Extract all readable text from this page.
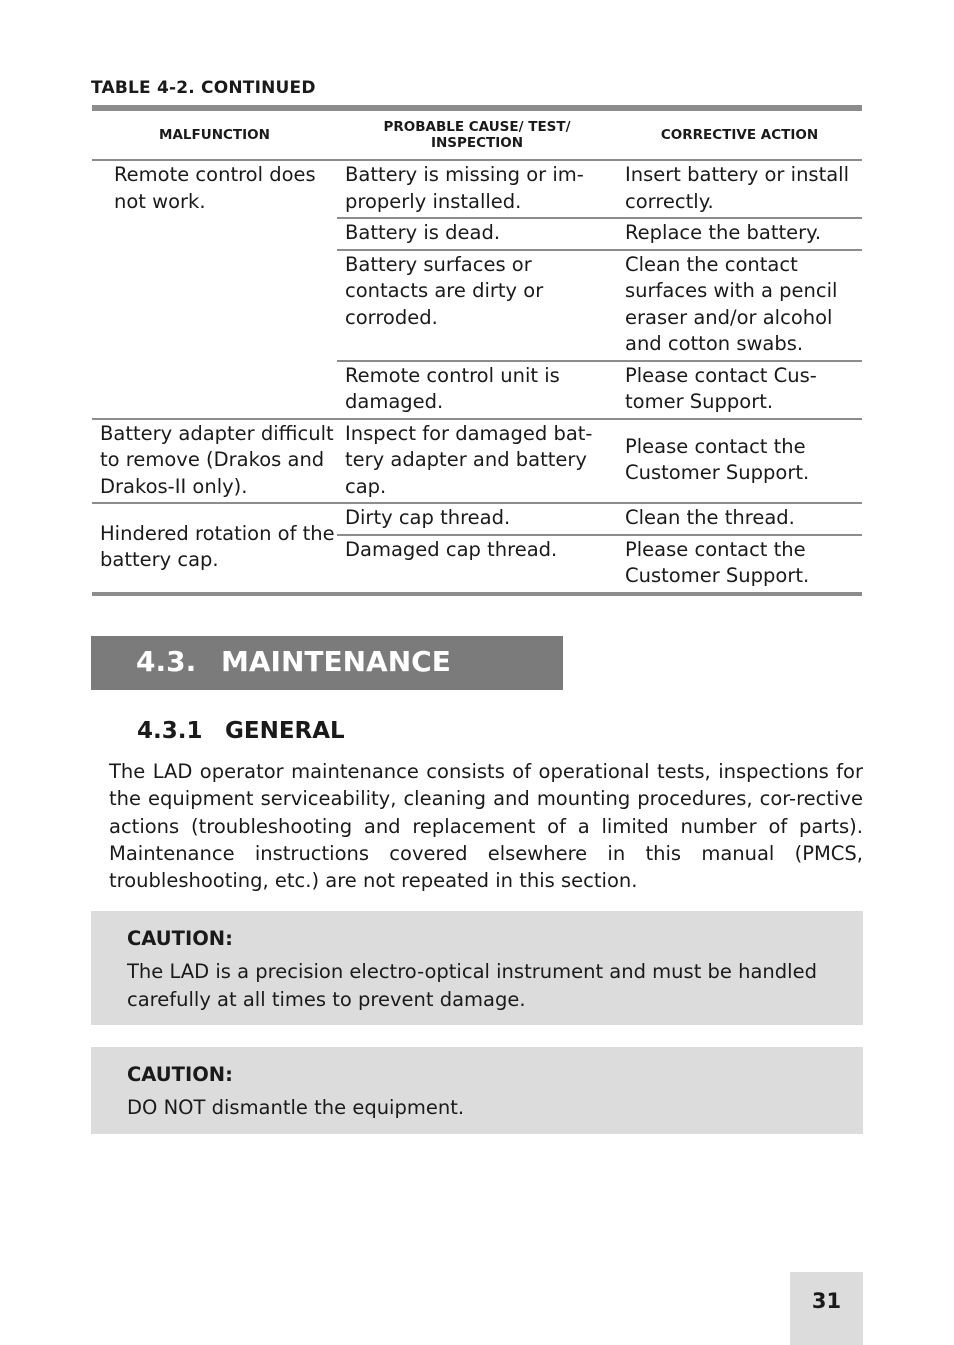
TABLE 4-2. CONTINUED
MALFUNCTION	PROBABLE CAUSE/ TEST/ INSPECTION	CORRECTIVE ACTION
Remote control does not work.	Battery is missing or im-properly installed.	Insert battery or install correctly.
	Battery is dead.	Replace the battery.
	Battery surfaces or contacts are dirty or corroded.	Clean the contact surfaces with a pencil eraser and/or alcohol and cotton swabs.
	Remote control unit is damaged.	Please contact Cus-tomer Support.
Battery adapter difficult to remove (Drakos and Drakos-II only).	Inspect for damaged bat-tery adapter and battery cap.	Please contact the Customer Support.
Hindered rotation of the battery cap.	Dirty cap thread.	Clean the thread.
	Damaged cap thread.	Please contact the Customer Support.
4.3. MAINTENANCE
4.3.1 GENERAL

The LAD operator maintenance consists of operational tests, inspections for the equipment serviceability, cleaning and mounting procedures, cor-rective actions (troubleshooting and replacement of a limited number of parts). Maintenance instructions covered elsewhere in this manual (PMCS, troubleshooting, etc.) are not repeated in this section.

CAUTION:
The LAD is a precision electro-optical instrument and must be handled carefully at all times to prevent damage.
CAUTION:
DO NOT dismantle the equipment.
31
